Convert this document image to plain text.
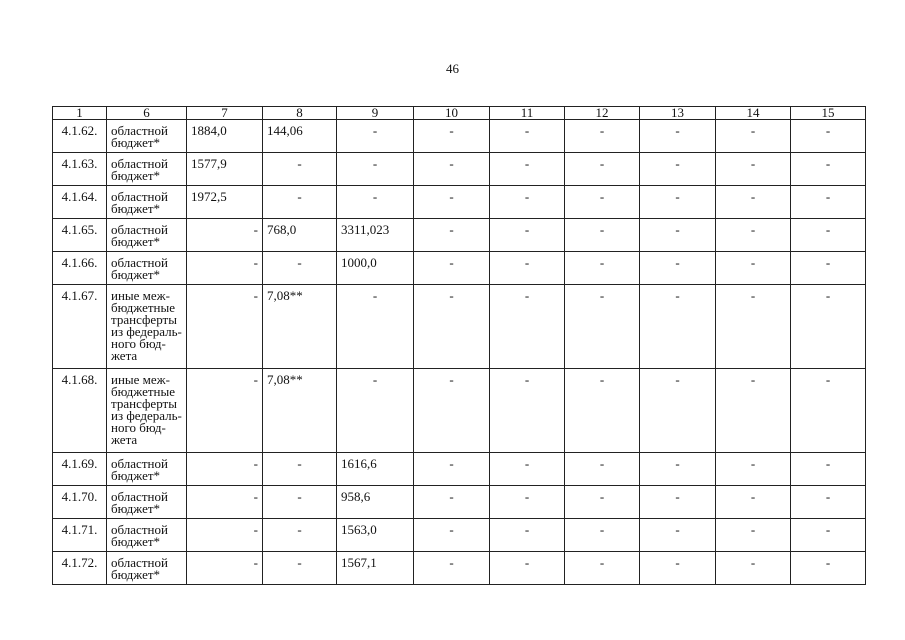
46
1	6	7	8	9	10	11	12	13	14	15
4.1.62.	областной бюджет*	1884,0	144,06	-	-	-	-	-	-	-
4.1.63.	областной бюджет*	1577,9	-	-	-	-	-	-	-	-
4.1.64.	областной бюджет*	1972,5	-	-	-	-	-	-	-	-
4.1.65.	областной бюджет*	-	768,0	3311,023	-	-	-	-	-	-
4.1.66.	областной бюджет*	-	-	1000,0	-	-	-	-	-	-
4.1.67.	иные меж- бюджетные трансферты из федераль- ного бюд- жета	-	7,08**	-	-	-	-	-	-	-
4.1.68.	иные меж- бюджетные трансферты из федераль- ного бюд- жета	-	7,08**	-	-	-	-	-	-	-
4.1.69.	областной бюджет*	-	-	1616,6	-	-	-	-	-	-
4.1.70.	областной бюджет*	-	-	958,6	-	-	-	-	-	-
4.1.71.	областной бюджет*	-	-	1563,0	-	-	-	-	-	-
4.1.72.	областной бюджет*	-	-	1567,1	-	-	-	-	-	-
